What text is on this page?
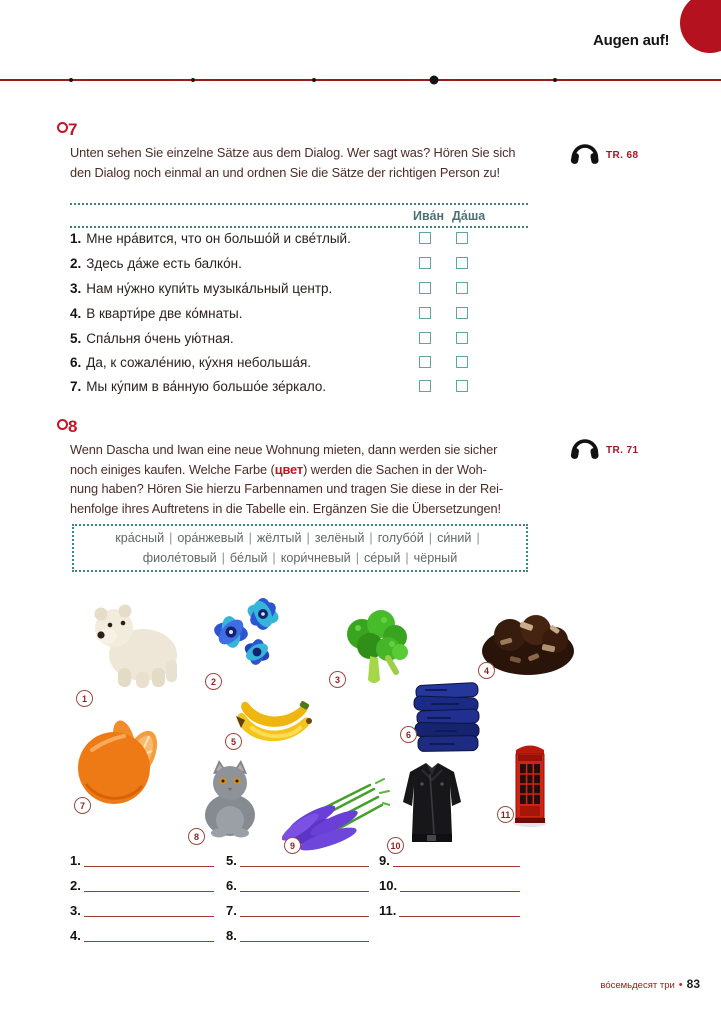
Augen auf!
7
Unten sehen Sie einzelne Sätze aus dem Dialog. Wer sagt was? Hören Sie sich
den Dialog noch einmal an und ordnen Sie die Sätze der richtigen Person zu!
TR. 68
Ива́н Да́ша
1. Мне нра́вится, что он большо́й и све́тлый.
2. Здесь да́же есть балко́н.
3. Нам ну́жно купи́ть музыка́льный центр.
4. В кварти́ре две ко́мнаты.
5. Спа́льня о́чень ую́тная.
6. Да, к сожале́нию, ку́хня небольша́я.
7. Мы ку́пим в ва́нную большо́е зе́ркало.
8
Wenn Dascha und Iwan eine neue Wohnung mieten, dann werden sie sicher
noch einiges kaufen. Welche Farbe (цвет) werden die Sachen in der Woh-
nung haben? Hören Sie hierzu Farbennamen und tragen Sie diese in der Rei-
henfolge ihres Auftretens in die Tabelle ein. Ergänzen Sie die Übersetzungen!
TR. 71
кра́сный | ора́нжевый | жёлтый | зелёный | голубо́й | си́ний |
фиоле́товый | бе́лый | кори́чневый | се́рый | чёрный
1
2	3
4
5
6
7
8
9	10
11
1.
2.
3.
4.
5.
6.
7.
8.
9.
10.
11.
во́семьдесят три • 83
